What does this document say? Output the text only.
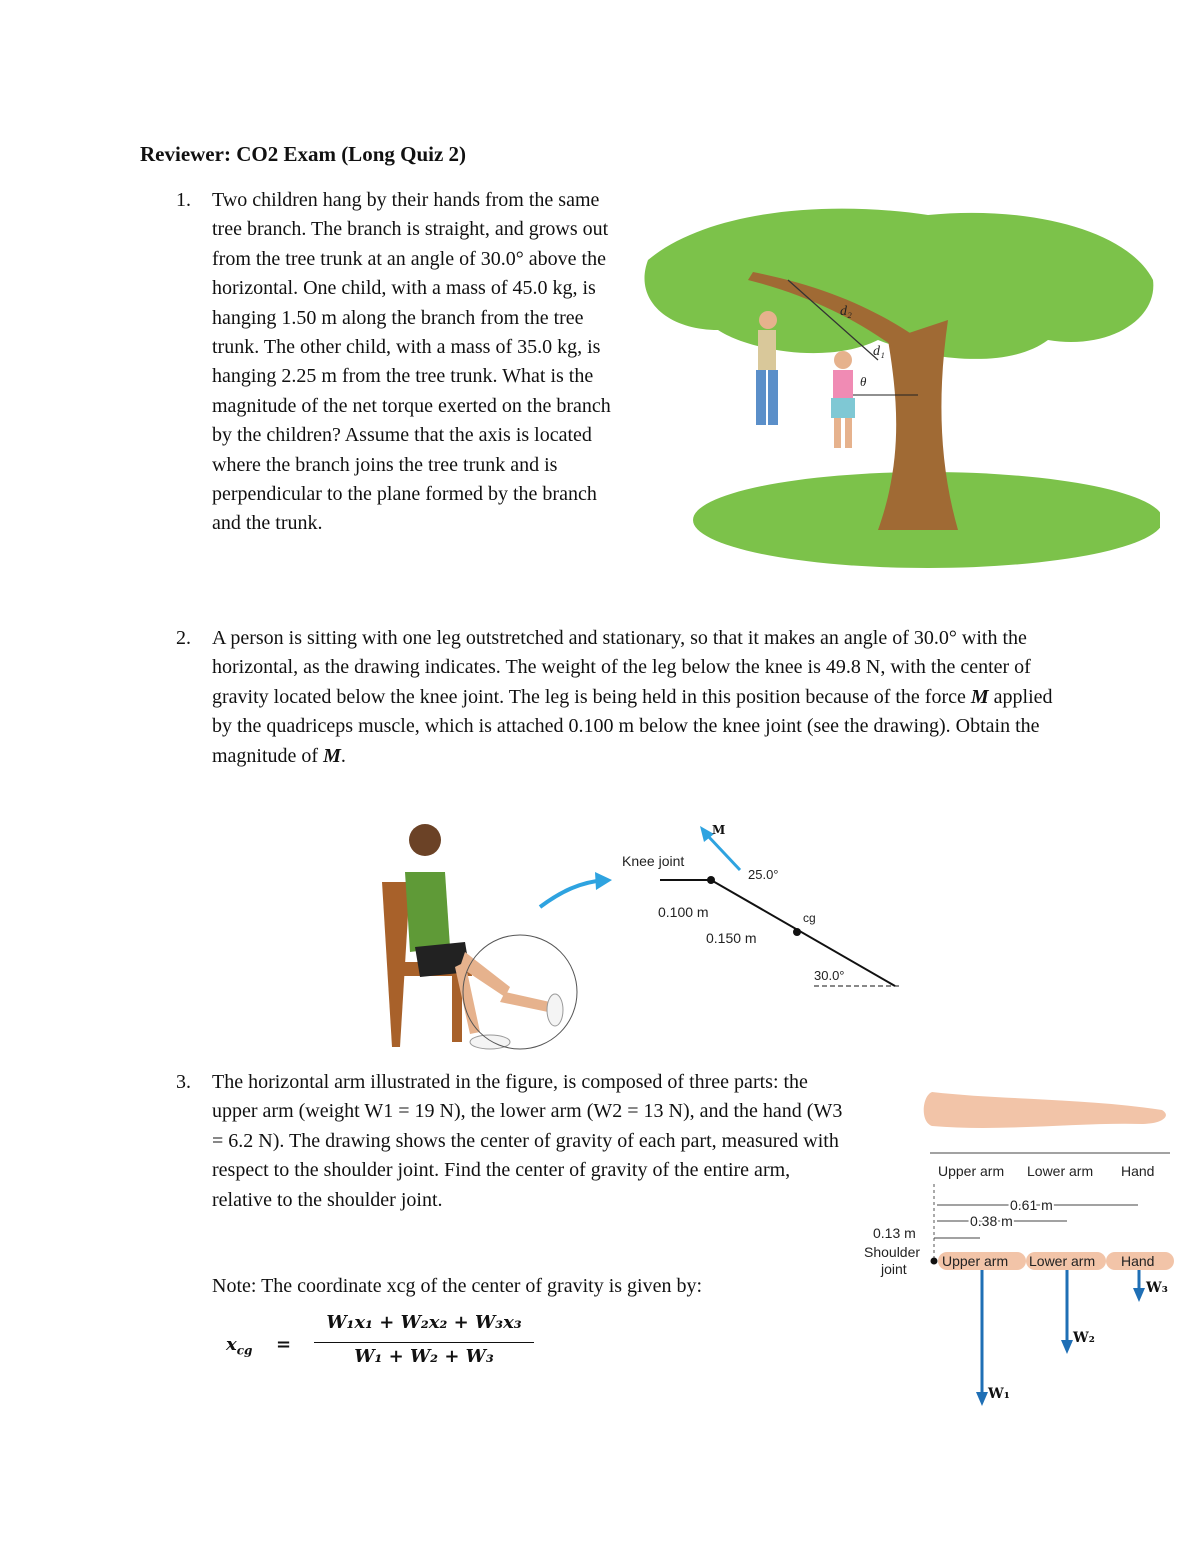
Reviewer: CO2 Exam (Long Quiz 2)
1. Two children hang by their hands from the same tree branch. The branch is straight, and grows out from the tree trunk at an angle of 30.0° above the horizontal. One child, with a mass of 45.0 kg, is hanging 1.50 m along the branch from the tree trunk. The other child, with a mass of 35.0 kg, is hanging 2.25 m from the tree trunk. What is the magnitude of the net torque exerted on the branch by the children? Assume that the axis is located where the branch joins the tree trunk and is perpendicular to the plane formed by the branch and the trunk.
d₂
d₁
θ
2. A person is sitting with one leg outstretched and stationary, so that it makes an angle of 30.0° with the horizontal, as the drawing indicates. The weight of the leg below the knee is 49.8 N, with the center of gravity located below the knee joint. The leg is being held in this position because of the force M applied by the quadriceps muscle, which is attached 0.100 m below the knee joint (see the drawing). Obtain the magnitude of M.
M
Knee joint
25.0°
0.100 m
0.150 m
cg
30.0°
3. The horizontal arm illustrated in the figure, is composed of three parts: the upper arm (weight W1 = 19 N), the lower arm (W2 = 13 N), and the hand (W3 = 6.2 N). The drawing shows the center of gravity of each part, measured with respect to the shoulder joint. Find the center of gravity of the entire arm, relative to the shoulder joint.
Note: The coordinate xcg of the center of gravity is given by:
$x_{cg}$ =
W₁x₁ + W₂x₂ + W₃x₃
W₁ + W₂ + W₃
Upper arm Lower arm Hand
0.61 m
0.38 m
0.13 m
Shoulder
joint	Upper arm Lower arm Hand
W₁
W₂
W₃
